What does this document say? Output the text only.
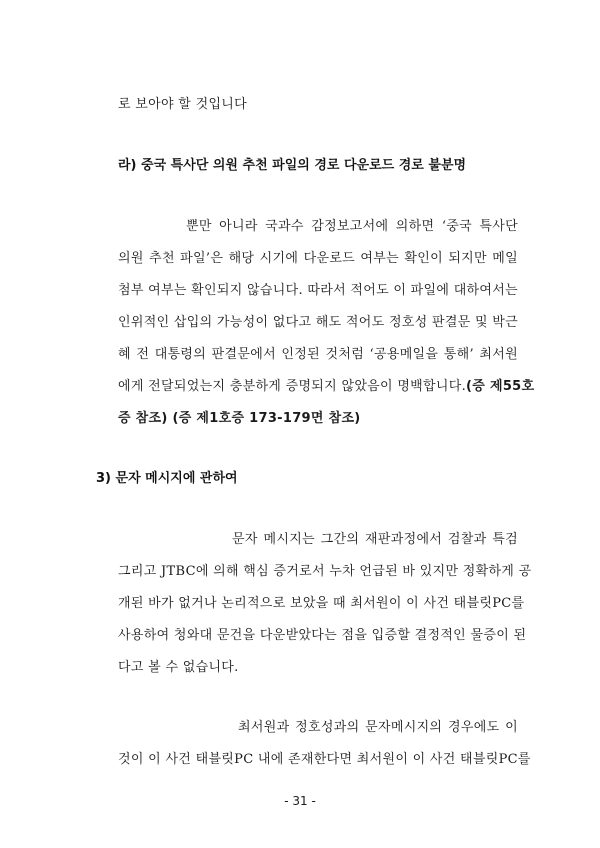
로 보아야 할 것입니다
라) 중국 특사단 의원 추천 파일의 경로 다운로드 경로 불분명
뿐만 아니라 국과수 감정보고서에 의하면 ‘중국 특사단
의원 추천 파일’은 해당 시기에 다운로드 여부는 확인이 되지만 메일
첨부 여부는 확인되지 않습니다. 따라서 적어도 이 파일에 대하여서는
인위적인 삽입의 가능성이 없다고 해도 적어도 정호성 판결문 및 박근
혜 전 대통령의 판결문에서 인정된 것처럼 ‘공용메일을 통해’ 최서원
에게 전달되었는지 충분하게 증명되지 않았음이 명백합니다.(증 제55호
증 참조) (증 제1호증 173-179면 참조)
3) 문자 메시지에 관하여
문자 메시지는 그간의 재판과정에서 검찰과 특검
그리고 JTBC에 의해 핵심 증거로서 누차 언급된 바 있지만 정확하게 공
개된 바가 없거나 논리적으로 보았을 때 최서원이 이 사건 태블릿PC를
사용하여 청와대 문건을 다운받았다는 점을 입증할 결정적인 물증이 된
다고 볼 수 없습니다.
최서원과 정호성과의 문자메시지의 경우에도 이
것이 이 사건 태블릿PC 내에 존재한다면 최서원이 이 사건 태블릿PC를
- 31 -
